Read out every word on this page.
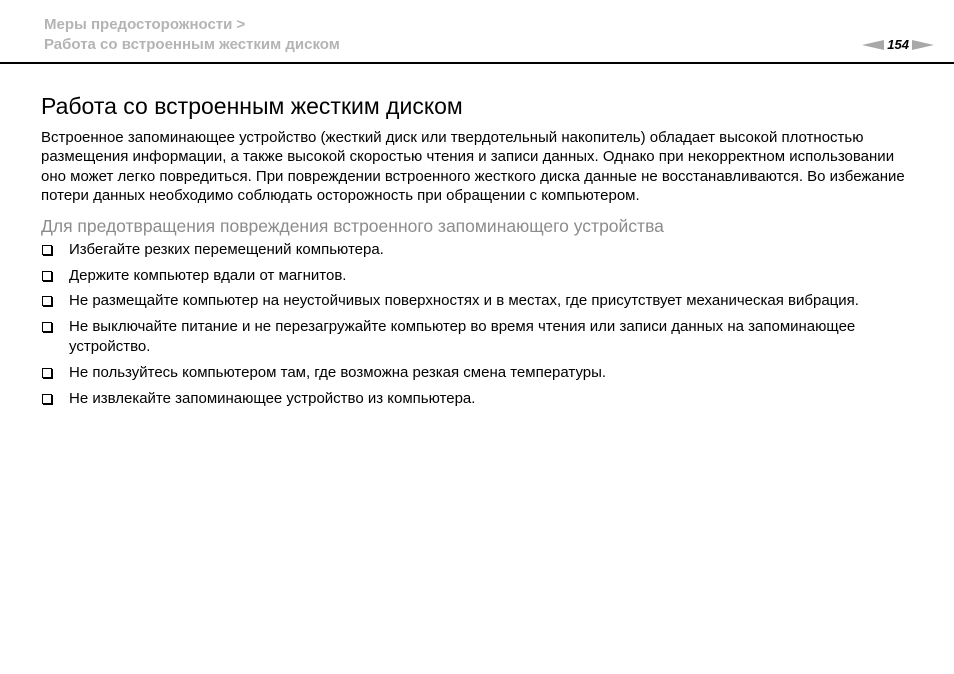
Меры предосторожности >
Работа со встроенным жестким диском	154
Работа со встроенным жестким диском

Встроенное запоминающее устройство (жесткий диск или твердотельный накопитель) обладает высокой плотностью размещения информации, а также высокой скоростью чтения и записи данных. Однако при некорректном использовании оно может легко повредиться. При повреждении встроенного жесткого диска данные не восстанавливаются. Во избежание потери данных необходимо соблюдать осторожность при обращении с компьютером.

Для предотвращения повреждения встроенного запоминающего устройства
Избегайте резких перемещений компьютера.
Держите компьютер вдали от магнитов.
Не размещайте компьютер на неустойчивых поверхностях и в местах, где присутствует механическая вибрация.
Не выключайте питание и не перезагружайте компьютер во время чтения или записи данных на запоминающее устройство.
Не пользуйтесь компьютером там, где возможна резкая смена температуры.
Не извлекайте запоминающее устройство из компьютера.
